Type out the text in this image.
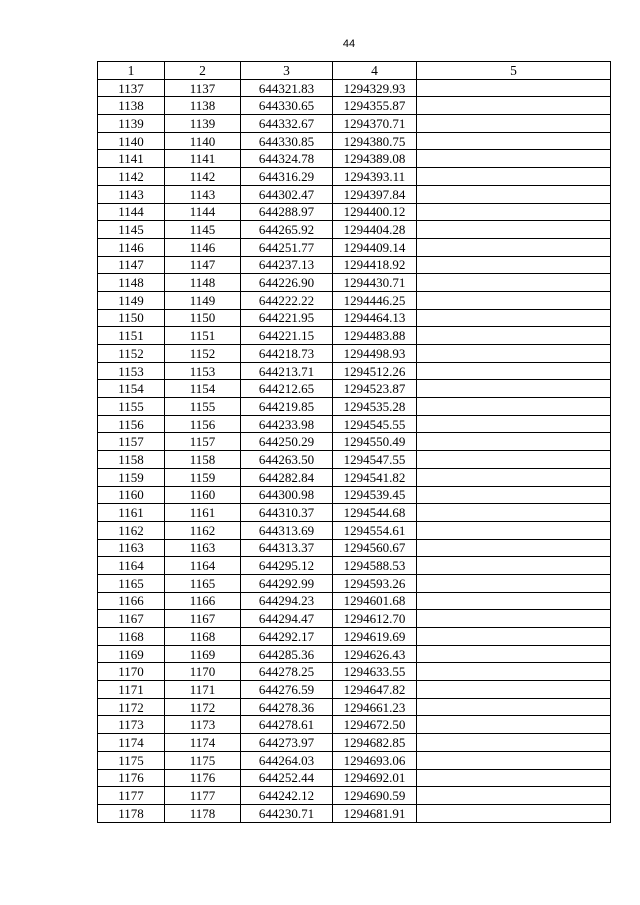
44
1	2	3	4	5
1137	1137	644321.83	1294329.93	
1138	1138	644330.65	1294355.87	
1139	1139	644332.67	1294370.71	
1140	1140	644330.85	1294380.75	
1141	1141	644324.78	1294389.08	
1142	1142	644316.29	1294393.11	
1143	1143	644302.47	1294397.84	
1144	1144	644288.97	1294400.12	
1145	1145	644265.92	1294404.28	
1146	1146	644251.77	1294409.14	
1147	1147	644237.13	1294418.92	
1148	1148	644226.90	1294430.71	
1149	1149	644222.22	1294446.25	
1150	1150	644221.95	1294464.13	
1151	1151	644221.15	1294483.88	
1152	1152	644218.73	1294498.93	
1153	1153	644213.71	1294512.26	
1154	1154	644212.65	1294523.87	
1155	1155	644219.85	1294535.28	
1156	1156	644233.98	1294545.55	
1157	1157	644250.29	1294550.49	
1158	1158	644263.50	1294547.55	
1159	1159	644282.84	1294541.82	
1160	1160	644300.98	1294539.45	
1161	1161	644310.37	1294544.68	
1162	1162	644313.69	1294554.61	
1163	1163	644313.37	1294560.67	
1164	1164	644295.12	1294588.53	
1165	1165	644292.99	1294593.26	
1166	1166	644294.23	1294601.68	
1167	1167	644294.47	1294612.70	
1168	1168	644292.17	1294619.69	
1169	1169	644285.36	1294626.43	
1170	1170	644278.25	1294633.55	
1171	1171	644276.59	1294647.82	
1172	1172	644278.36	1294661.23	
1173	1173	644278.61	1294672.50	
1174	1174	644273.97	1294682.85	
1175	1175	644264.03	1294693.06	
1176	1176	644252.44	1294692.01	
1177	1177	644242.12	1294690.59	
1178	1178	644230.71	1294681.91	
